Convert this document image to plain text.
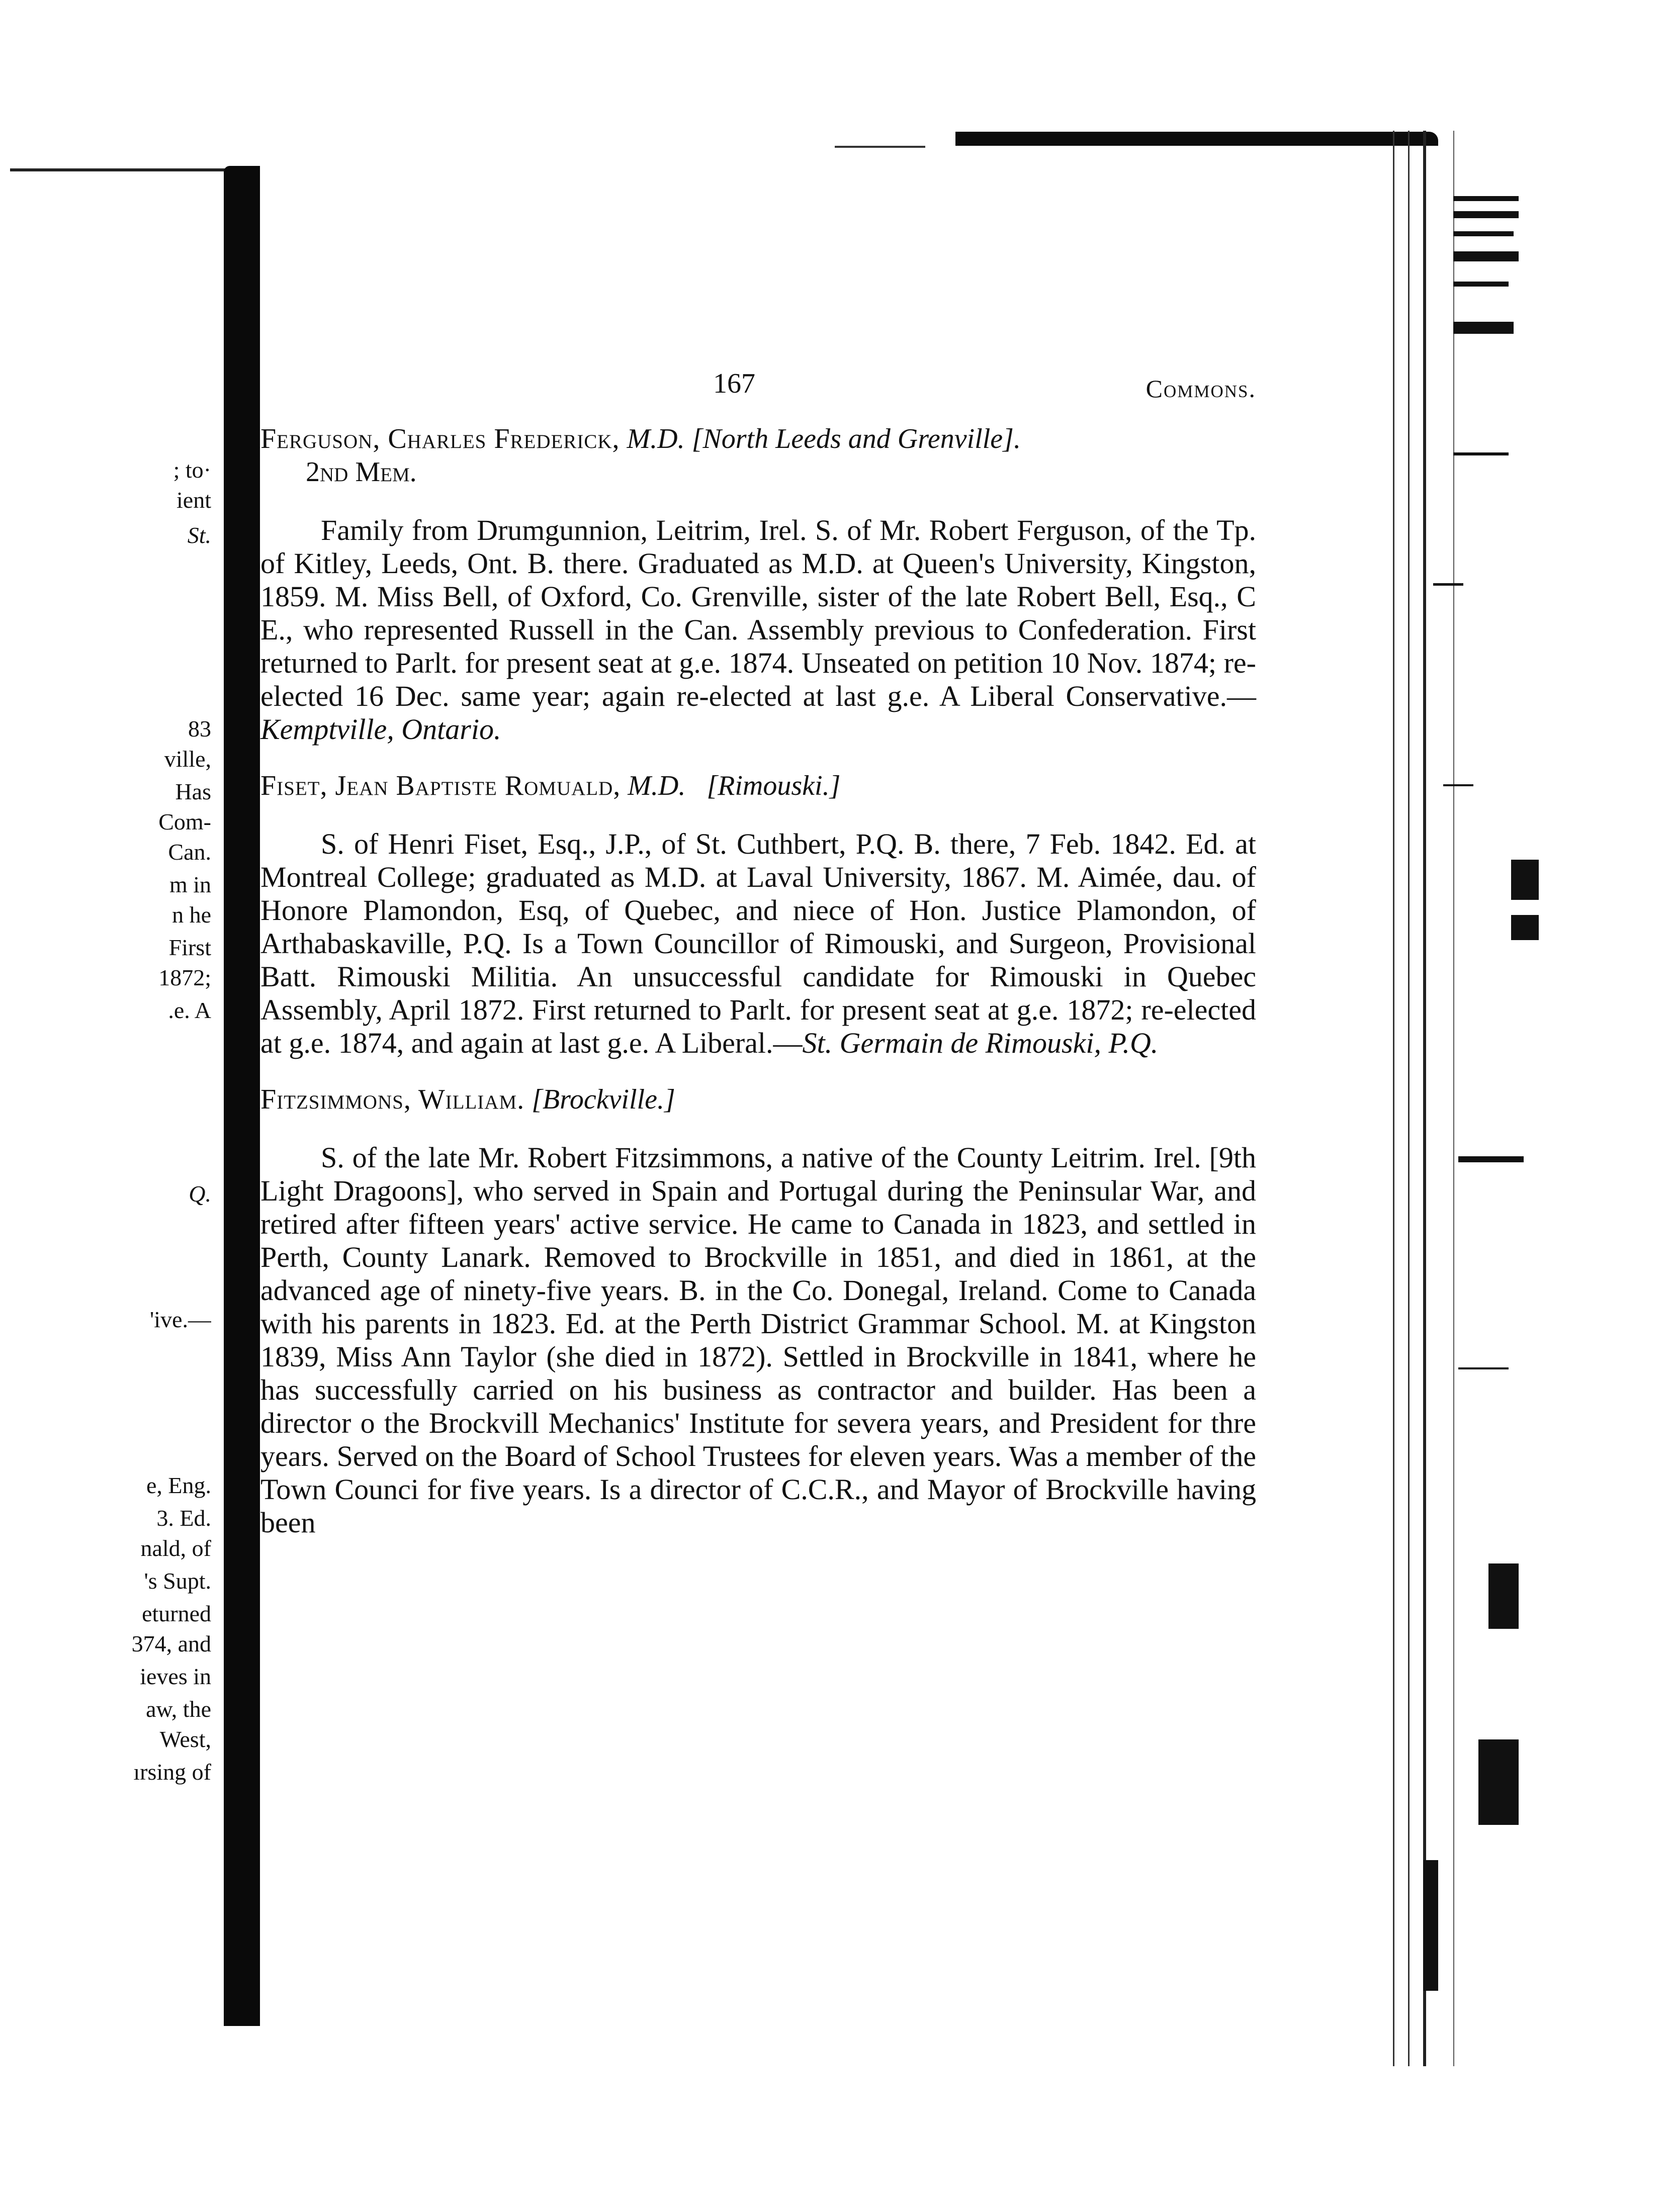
; to·
ient
St.
83
ville,
Has
Com-
Can.
m in
n he
First
1872;
.e. A
Q.
'ive.—
e, Eng.
3. Ed.
nald, of
's Supt.
eturned
374, and
ieves in
aw, the
West,
ırsing of
167	Commons.

Ferguson, Charles Frederick, M.D. [North Leeds and Grenville].
2nd Mem.

Family from Drumgunnion, Leitrim, Irel. S. of Mr. Robert Ferguson, of the Tp. of Kitley, Leeds, Ont. B. there. Graduated as M.D. at Queen's University, Kingston, 1859. M. Miss Bell, of Oxford, Co. Grenville, sister of the late Robert Bell, Esq., C E., who represented Russell in the Can. Assembly previous to Confederation. First returned to Parlt. for present seat at g.e. 1874. Unseated on petition 10 Nov. 1874; re-elected 16 Dec. same year; again re-elected at last g.e. A Liberal Conservative.—Kemptville, Ontario.

Fiset, Jean Baptiste Romuald, M.D. [Rimouski.]

S. of Henri Fiset, Esq., J.P., of St. Cuthbert, P.Q. B. there, 7 Feb. 1842. Ed. at Montreal College; graduated as M.D. at Laval University, 1867. M. Aimée, dau. of Honore Plamondon, Esq, of Quebec, and niece of Hon. Justice Plamondon, of Arthabaskaville, P.Q. Is a Town Councillor of Rimouski, and Surgeon, Provisional Batt. Rimouski Militia. An unsuccessful candidate for Rimouski in Quebec Assembly, April 1872. First returned to Parlt. for present seat at g.e. 1872; re-elected at g.e. 1874, and again at last g.e. A Liberal.—St. Germain de Rimouski, P.Q.

Fitzsimmons, William. [Brockville.]

S. of the late Mr. Robert Fitzsimmons, a native of the County Leitrim. Irel. [9th Light Dragoons], who served in Spain and Portugal during the Peninsular War, and retired after fifteen years' active service. He came to Canada in 1823, and settled in Perth, County Lanark. Removed to Brockville in 1851, and died in 1861, at the advanced age of ninety-five years. B. in the Co. Donegal, Ireland. Come to Canada with his parents in 1823. Ed. at the Perth District Grammar School. M. at Kingston 1839, Miss Ann Taylor (she died in 1872). Settled in Brockville in 1841, where he has successfully carried on his business as contractor and builder. Has been a director o the Brockvill Mechanics' Institute for severa years, and President for thre years. Served on the Board of School Trustees for eleven years. Was a member of the Town Counci for five years. Is a director of C.C.R., and Mayor of Brockville having been
